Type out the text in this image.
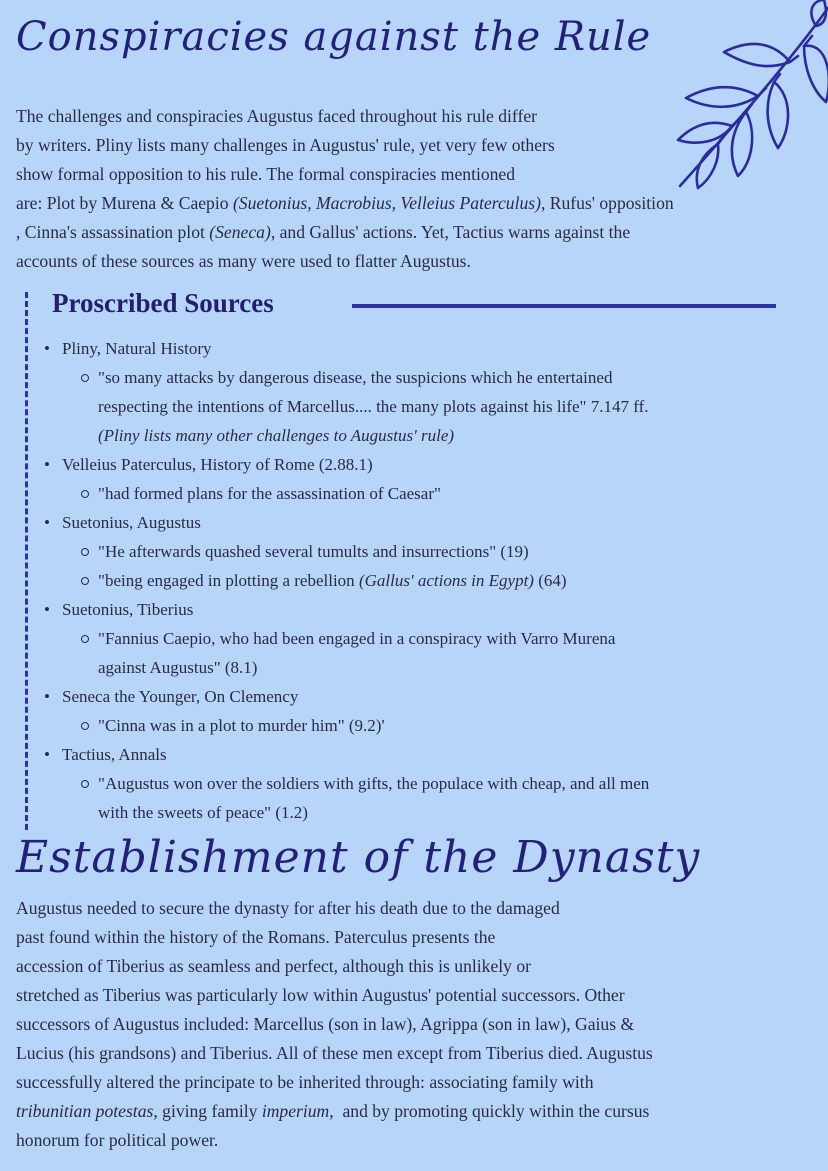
Conspiracies against the Rule

The challenges and conspiracies Augustus faced throughout his rule differ
by writers. Pliny lists many challenges in Augustus' rule, yet very few others
show formal opposition to his rule. The formal conspiracies mentioned
are: Plot by Murena & Caepio (Suetonius, Macrobius, Velleius Paterculus), Rufus' opposition
, Cinna's assassination plot (Seneca), and Gallus' actions. Yet, Tactius warns against the
accounts of these sources as many were used to flatter Augustus.

Proscribed Sources
• Pliny, Natural History
"so many attacks by dangerous disease, the suspicions which he entertained
respecting the intentions of Marcellus.... the many plots against his life" 7.147 ff.
(Pliny lists many other challenges to Augustus' rule)
• Velleius Paterculus, History of Rome (2.88.1)
"had formed plans for the assassination of Caesar"
• Suetonius, Augustus
"He afterwards quashed several tumults and insurrections" (19)
"being engaged in plotting a rebellion (Gallus' actions in Egypt) (64)
• Suetonius, Tiberius
"Fannius Caepio, who had been engaged in a conspiracy with Varro Murena
against Augustus" (8.1)
• Seneca the Younger, On Clemency
"Cinna was in a plot to murder him" (9.2)'
• Tactius, Annals
"Augustus won over the soldiers with gifts, the populace with cheap, and all men
with the sweets of peace" (1.2)
Establishment of the Dynasty

Augustus needed to secure the dynasty for after his death due to the damaged
past found within the history of the Romans. Paterculus presents the
accession of Tiberius as seamless and perfect, although this is unlikely or
stretched as Tiberius was particularly low within Augustus' potential successors. Other
successors of Augustus included: Marcellus (son in law), Agrippa (son in law), Gaius &
Lucius (his grandsons) and Tiberius. All of these men except from Tiberius died. Augustus
successfully altered the principate to be inherited through: associating family with
tribunitian potestas, giving family imperium,  and by promoting quickly within the cursus
honorum for political power.
